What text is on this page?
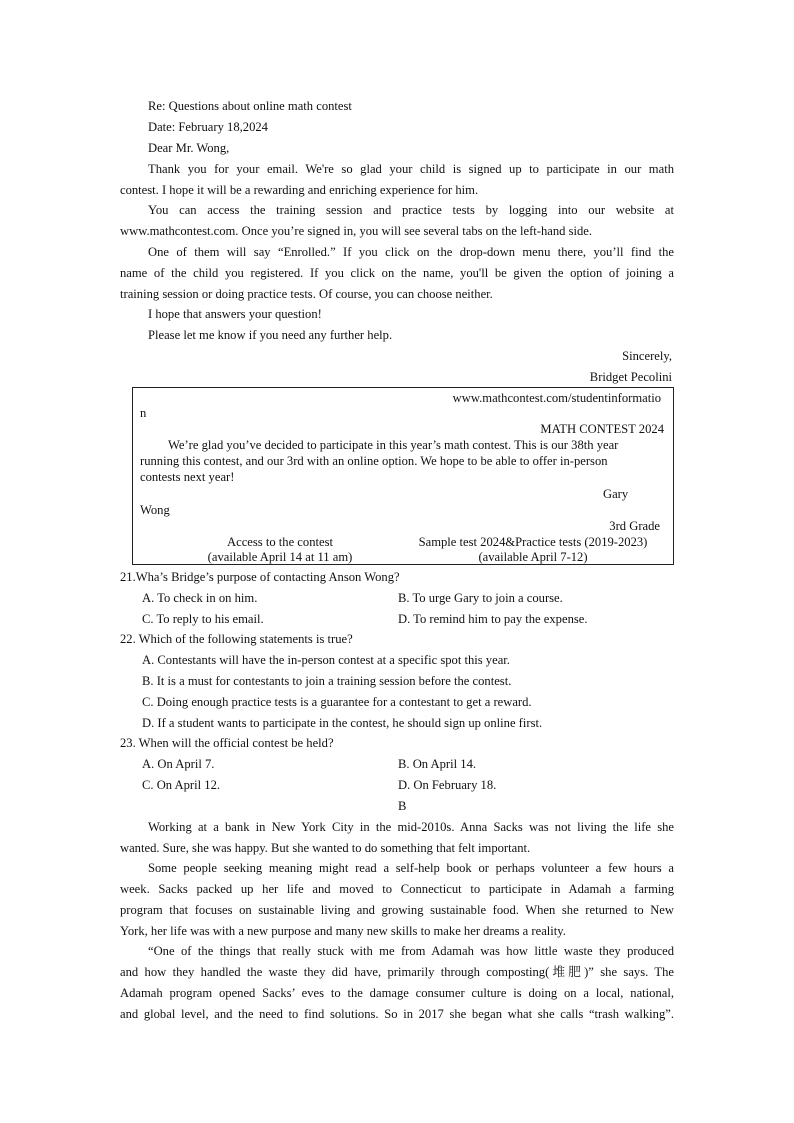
Re: Questions about online math contest
Date: February 18,2024
Dear Mr. Wong,
Thank you for your email. We're so glad your child is signed up to participate in our math
contest. I hope it will be a rewarding and enriching experience for him.
You can access the training session and practice tests by logging into our website at
www.mathcontest.com. Once you’re signed in, you will see several tabs on the left-hand side.
One of them will say “Enrolled.” If you click on the drop-down menu there, you’ll find the
name of the child you registered. If you click on the name, you'll be given the option of joining a
training session or doing practice tests. Of course, you can choose neither.
I hope that answers your question!
Please let me know if you need any further help.
Sincerely,
Bridget Pecolini
www.mathcontest.com/studentinformatio
n
MATH CONTEST 2024
We’re glad you’ve decided to participate in this year’s math contest. This is our 38th year
running this contest, and our 3rd with an online option. We hope to be able to offer in-person
contests next year!
Gary
Wong
3rd Grade
Access to the contest
(available April 14 at 11 am)
Sample test 2024&Practice tests (2019-2023)
(available April 7-12)
21.Wha’s Bridge’s purpose of contacting Anson Wong?
A. To check in on him.	B. To urge Gary to join a course.
C. To reply to his email.	D. To remind him to pay the expense.
22. Which of the following statements is true?
A. Contestants will have the in-person contest at a specific spot this year.
B. It is a must for contestants to join a training session before the contest.
C. Doing enough practice tests is a guarantee for a contestant to get a reward.
D. If a student wants to participate in the contest, he should sign up online first.
23. When will the official contest be held?
A. On April 7.	B. On April 14.
C. On April 12.	D. On February 18.
B
Working at a bank in New York City in the mid-2010s. Anna Sacks was not living the life she
wanted. Sure, she was happy. But she wanted to do something that felt important.
Some people seeking meaning might read a self-help book or perhaps volunteer a few hours a
week. Sacks packed up her life and moved to Connecticut to participate in Adamah a farming
program that focuses on sustainable living and growing sustainable food. When she returned to New
York, her life was with a new purpose and many new skills to make her dreams a reality.
“One of the things that really stuck with me from Adamah was how little waste they produced
and how they handled the waste they did have, primarily through composting(堆肥)” she says. The
Adamah program opened Sacks’ eves to the damage consumer culture is doing on a local, national,
and global level, and the need to find solutions. So in 2017 she began what she calls “trash walking”.
